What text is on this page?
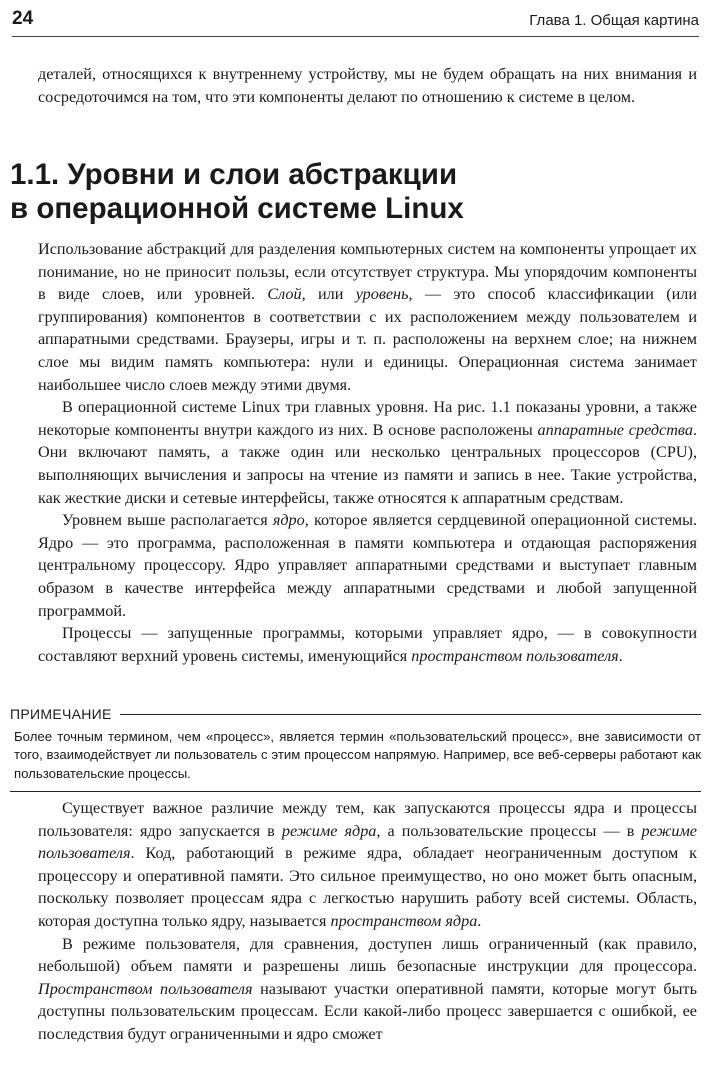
24	Глава 1. Общая картина

деталей, относящихся к внутреннему устройству, мы не будем обращать на них внимания и сосредоточимся на том, что эти компоненты делают по отношению к системе в целом.

1.1. Уровни и слои абстракции
в операционной системе Linux

Использование абстракций для разделения компьютерных систем на компоненты упрощает их понимание, но не приносит пользы, если отсутствует структура. Мы упорядочим компоненты в виде слоев, или уровней. Слой, или уровень, — это способ классификации (или группирования) компонентов в соответствии с их расположением между пользователем и аппаратными средствами. Браузеры, игры и т. п. расположены на верхнем слое; на нижнем слое мы видим память компьютера: нули и единицы. Операционная система занимает наибольшее число слоев между этими двумя.

В операционной системе Linux три главных уровня. На рис. 1.1 показаны уровни, а также некоторые компоненты внутри каждого из них. В основе расположены аппаратные средства. Они включают память, а также один или несколько центральных процессоров (CPU), выполняющих вычисления и запросы на чтение из памяти и запись в нее. Такие устройства, как жесткие диски и сетевые интерфейсы, также относятся к аппаратным средствам.

Уровнем выше располагается ядро, которое является сердцевиной операционной системы. Ядро — это программа, расположенная в памяти компьютера и отдающая распоряжения центральному процессору. Ядро управляет аппаратными средствами и выступает главным образом в качестве интерфейса между аппаратными средствами и любой запущенной программой.

Процессы — запущенные программы, которыми управляет ядро, — в совокупности составляют верхний уровень системы, именующийся пространством пользователя.

ПРИМЕЧАНИЕ

Более точным термином, чем «процесс», является термин «пользовательский процесс», вне зависимости от того, взаимодействует ли пользователь с этим процессом напрямую. Например, все веб-серверы работают как пользовательские процессы.

Существует важное различие между тем, как запускаются процессы ядра и процессы пользователя: ядро запускается в режиме ядра, а пользовательские процессы — в режиме пользователя. Код, работающий в режиме ядра, обладает неограниченным доступом к процессору и оперативной памяти. Это сильное преимущество, но оно может быть опасным, поскольку позволяет процессам ядра с легкостью нарушить работу всей системы. Область, которая доступна только ядру, называется пространством ядра.

В режиме пользователя, для сравнения, доступен лишь ограниченный (как правило, небольшой) объем памяти и разрешены лишь безопасные инструкции для процессора. Пространством пользователя называют участки оперативной памяти, которые могут быть доступны пользовательским процессам. Если какой-либо процесс завершается с ошибкой, ее последствия будут ограниченными и ядро сможет
